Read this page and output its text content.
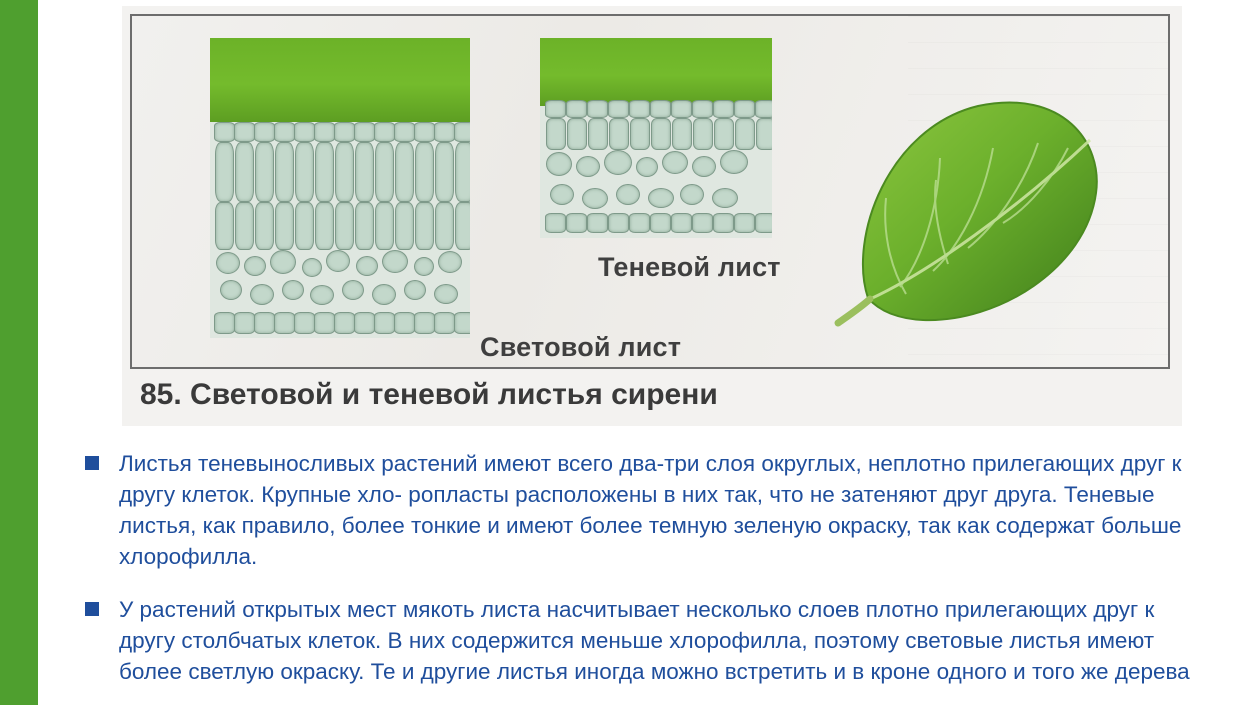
Теневой лист
Световой лист
85. Световой и теневой листья сирени
Листья теневыносливых растений имеют всего два-три слоя округлых, неплотно прилегающих друг к другу клеток. Крупные хло- ропласты расположены в них так, что не затеняют друг друга. Теневые листья, как правило, более тонкие и имеют более темную зеленую окраску, так как содержат больше хлорофилла.
У растений открытых мест мякоть листа насчитывает несколько слоев плотно прилегающих друг к другу столбчатых клеток. В них содержится меньше хлорофилла, поэтому световые листья имеют более светлую окраску. Те и другие листья иногда можно встретить и в кроне одного и того же дерева
